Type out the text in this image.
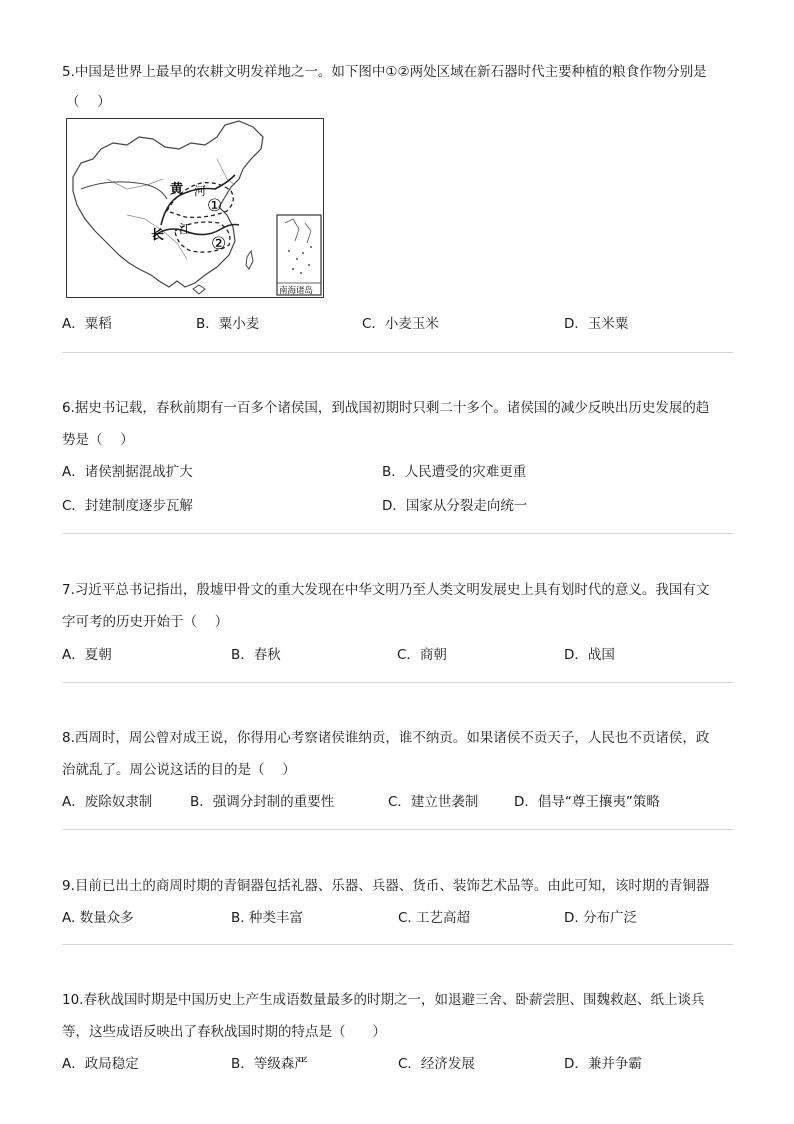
5.中国是世界上最早的农耕文明发祥地之一。如下图中①②两处区域在新石器时代主要种植的粮食作物分别是
（　 ）
黄 河
①
长 江
②
南海诸岛
A．粟稻	B．粟小麦	C．小麦玉米	D．玉米粟
6.据史书记载，春秋前期有一百多个诸侯国，到战国初期时只剩二十多个。诸侯国的减少反映出历史发展的趋
势是（　 ）
A．诸侯割据混战扩大	B．人民遭受的灾难更重
C．封建制度逐步瓦解	D．国家从分裂走向统一
7.习近平总书记指出，殷墟甲骨文的重大发现在中华文明乃至人类文明发展史上具有划时代的意义。我国有文
字可考的历史开始于（　 ）
A．夏朝	B．春秋	C．商朝	D．战国
8.西周时，周公曾对成王说，你得用心考察诸侯谁纳贡，谁不纳贡。如果诸侯不贡天子，人民也不贡诸侯，政
治就乱了。周公说这话的目的是（　 ）
A．废除奴隶制	B．强调分封制的重要性	C．建立世袭制	D．倡导“尊王攘夷”策略
9.目前已出土的商周时期的青铜器包括礼器、乐器、兵器、货币、装饰艺术品等。由此可知，该时期的青铜器
A. 数量众多	B. 种类丰富	C. 工艺高超	D. 分布广泛
10.春秋战国时期是中国历史上产生成语数量最多的时期之一，如退避三舍、卧薪尝胆、围魏救赵、纸上谈兵
等，这些成语反映出了春秋战国时期的特点是（　　）
A．政局稳定	B．等级森严	C．经济发展	D．兼并争霸
